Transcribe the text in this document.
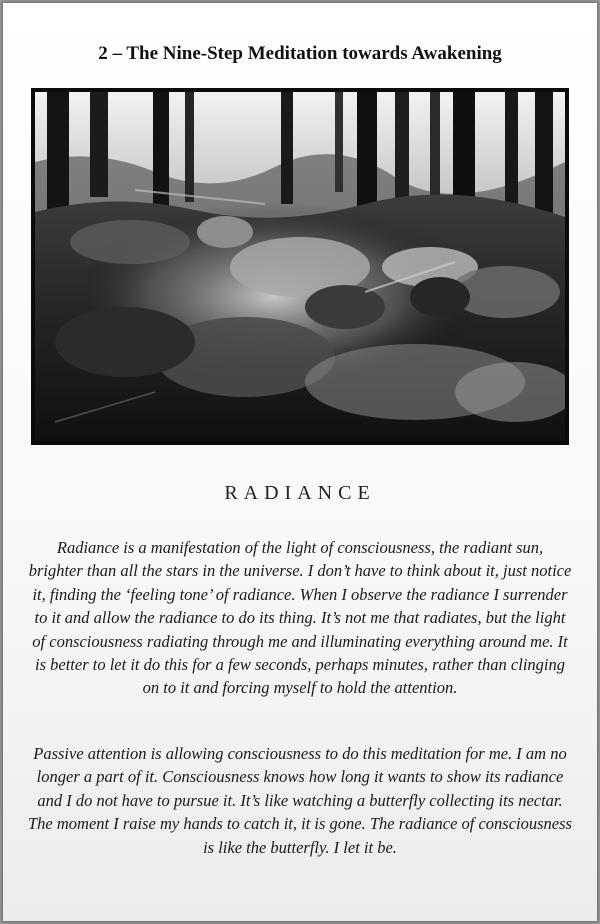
2 – The Nine-Step Meditation towards Awakening
RADIANCE

Radiance is a manifestation of the light of consciousness, the radiant sun, brighter than all the stars in the universe. I don’t have to think about it, just notice it, finding the ‘feeling tone’ of radiance. When I observe the radiance I surrender to it and allow the radiance to do its thing. It’s not me that radiates, but the light of consciousness radiating through me and illuminating everything around me. It is better to let it do this for a few seconds, perhaps minutes, rather than clinging on to it and forcing myself to hold the attention.

Passive attention is allowing consciousness to do this meditation for me. I am no longer a part of it. Consciousness knows how long it wants to show its radiance and I do not have to pursue it. It’s like watching a butterfly collecting its nectar. The moment I raise my hands to catch it, it is gone. The radiance of consciousness is like the butterfly. I let it be.
